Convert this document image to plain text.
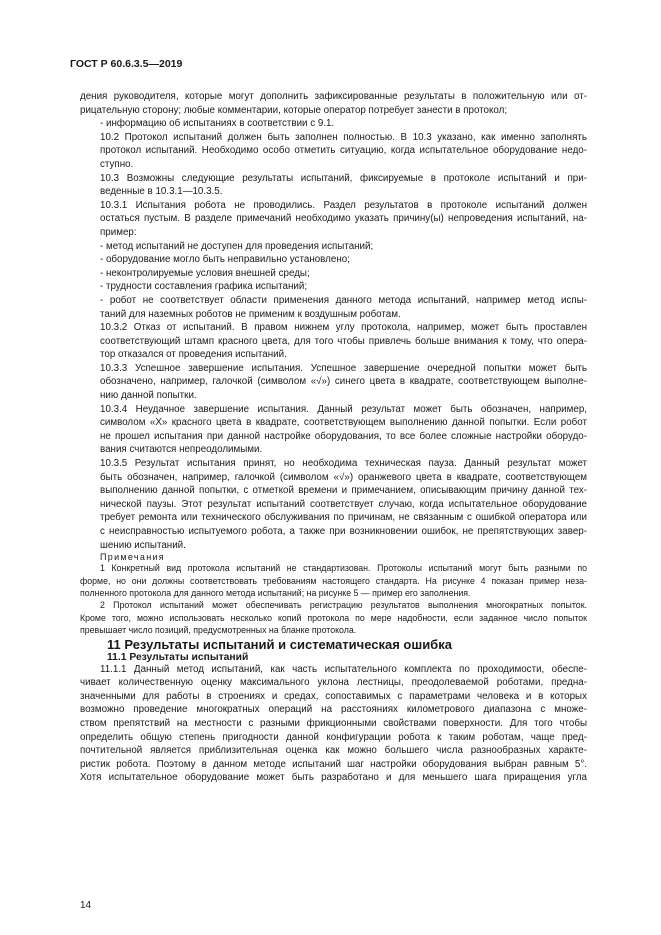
ГОСТ Р 60.6.3.5—2019

дения руководителя, которые могут дополнить зафиксированные результаты в положительную или от-
рицательную сторону; любые комментарии, которые оператор потребует занести в протокол;

- информацию об испытаниях в соответствии с 9.1.

10.2 Протокол испытаний должен быть заполнен полностью. В 10.3 указано, как именно заполнять
протокол испытаний. Необходимо особо отметить ситуацию, когда испытательное оборудование недо-
ступно.

10.3 Возможны следующие результаты испытаний, фиксируемые в протоколе испытаний и при-
веденные в 10.3.1—10.3.5.

10.3.1 Испытания робота не проводились. Раздел результатов в протоколе испытаний должен
остаться пустым. В разделе примечаний необходимо указать причину(ы) непроведения испытаний, на-
пример:

- метод испытаний не доступен для проведения испытаний;

- оборудование могло быть неправильно установлено;

- неконтролируемые условия внешней среды;

- трудности составления графика испытаний;

- робот не соответствует области применения данного метода испытаний, например метод испы-
таний для наземных роботов не применим к воздушным роботам.

10.3.2 Отказ от испытаний. В правом нижнем углу протокола, например, может быть проставлен
соответствующий штамп красного цвета, для того чтобы привлечь больше внимания к тому, что опера-
тор отказался от проведения испытаний.

10.3.3 Успешное завершение испытания. Успешное завершение очередной попытки может быть
обозначено, например, галочкой (символом «√») синего цвета в квадрате, соответствующем выполне-
нию данной попытки.

10.3.4 Неудачное завершение испытания. Данный результат может быть обозначен, например,
символом «Х» красного цвета в квадрате, соответствующем выполнению данной попытки. Если робот
не прошел испытания при данной настройке оборудования, то все более сложные настройки оборудо-
вания считаются непреодолимыми.

10.3.5 Результат испытания принят, но необходима техническая пауза. Данный результат может
быть обозначен, например, галочкой (символом «√») оранжевого цвета в квадрате, соответствующем
выполнению данной попытки, с отметкой времени и примечанием, описывающим причину данной тех-
нической паузы. Этот результат испытаний соответствует случаю, когда испытательное оборудование
требует ремонта или технического обслуживания по причинам, не связанным с ошибкой оператора или
с неисправностью испытуемого робота, а также при возникновении ошибок, не препятствующих завер-
шению испытаний.

Примечания

1 Конкретный вид протокола испытаний не стандартизован. Протоколы испытаний могут быть разными по
форме, но они должны соответствовать требованиям настоящего стандарта. На рисунке 4 показан пример неза-
полненного протокола для данного метода испытаний; на рисунке 5 — пример его заполнения.

2 Протокол испытаний может обеспечивать регистрацию результатов выполнения многократных попыток.
Кроме того, можно использовать несколько копий протокола по мере надобности, если заданное число попыток
превышает число позиций, предусмотренных на бланке протокола.

11 Результаты испытаний и систематическая ошибка

11.1 Результаты испытаний

11.1.1 Данный метод испытаний, как часть испытательного комплекта по проходимости, обеспе-
чивает количественную оценку максимального уклона лестницы, преодолеваемой роботами, предна-
значенными для работы в строениях и средах, сопоставимых с параметрами человека и в которых
возможно проведение многократных операций на расстояниях километрового диапазона с множе-
ством препятствий на местности с разными фрикционными свойствами поверхности. Для того чтобы
определить общую степень пригодности данной конфигурации робота к таким роботам, чаще пред-
почтительной является приблизительная оценка как можно большего числа разнообразных характе-
ристик робота. Поэтому в данном методе испытаний шаг настройки оборудования выбран равным 5°.
Хотя испытательное оборудование может быть разработано и для меньшего шага приращения угла

14
